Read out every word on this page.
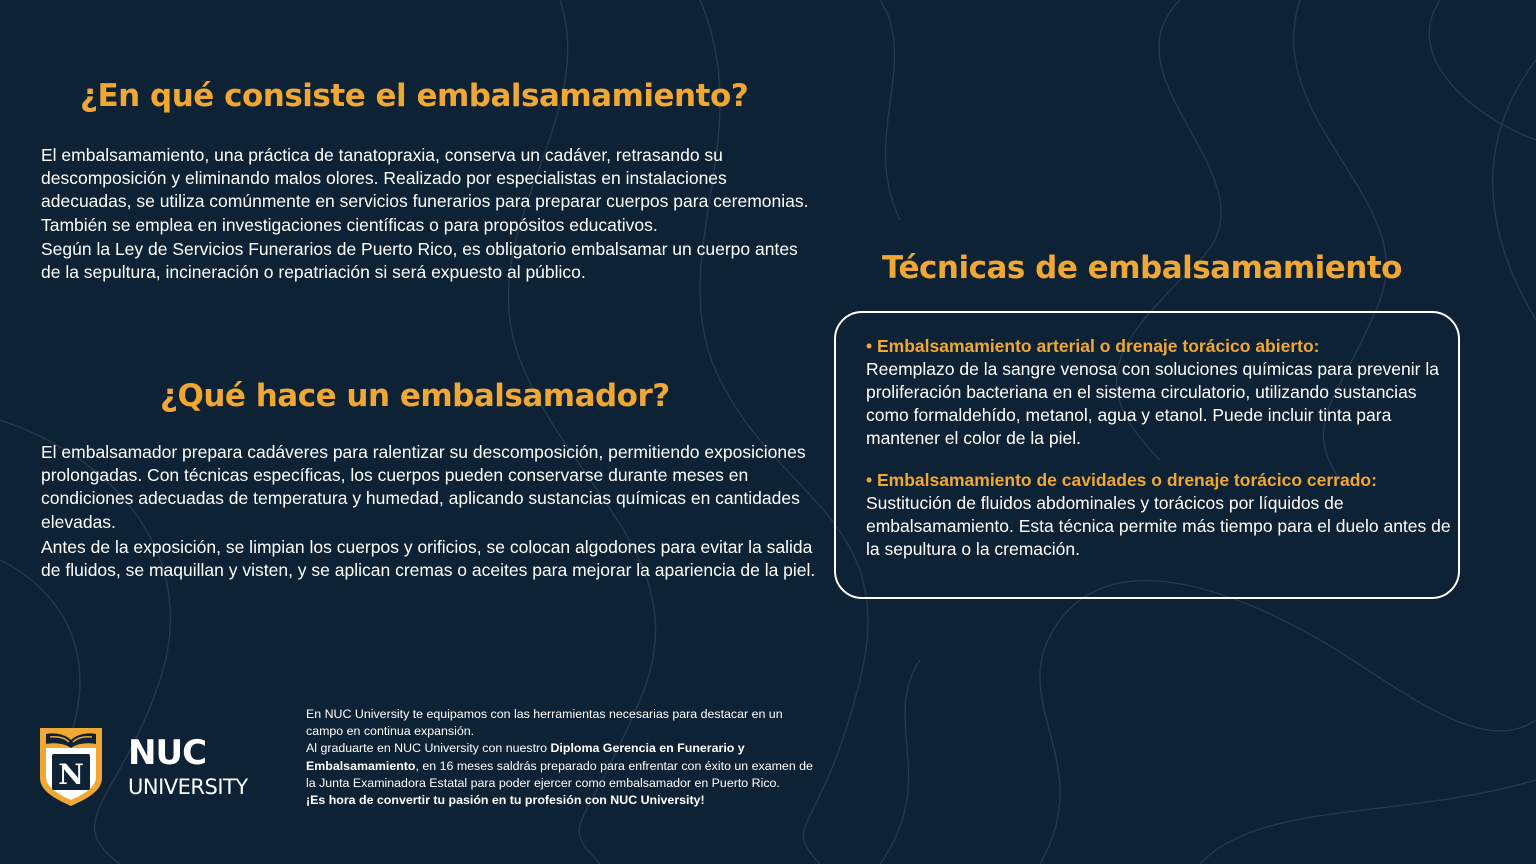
¿En qué consiste el embalsamamiento?

El embalsamamiento, una práctica de tanatopraxia, conserva un cadáver, retrasando su descomposición y eliminando malos olores. Realizado por especialistas en instalaciones adecuadas, se utiliza comúnmente en servicios funerarios para preparar cuerpos para ceremonias. También se emplea en investigaciones científicas o para propósitos educativos.

Según la Ley de Servicios Funerarios de Puerto Rico, es obligatorio embalsamar un cuerpo antes de la sepultura, incineración o repatriación si será expuesto al público.

¿Qué hace un embalsamador?

El embalsamador prepara cadáveres para ralentizar su descomposición, permitiendo exposiciones prolongadas. Con técnicas específicas, los cuerpos pueden conservarse durante meses en condiciones adecuadas de temperatura y humedad, aplicando sustancias químicas en cantidades elevadas.

Antes de la exposición, se limpian los cuerpos y orificios, se colocan algodones para evitar la salida de fluidos, se maquillan y visten, y se aplican cremas o aceites para mejorar la apariencia de la piel.

Técnicas de embalsamamiento
• Embalsamamiento arterial o drenaje torácico abierto:
Reemplazo de la sangre venosa con soluciones químicas para prevenir la proliferación bacteriana en el sistema circulatorio, utilizando sustancias como formaldehído, metanol, agua y etanol. Puede incluir tinta para mantener el color de la piel.
• Embalsamamiento de cavidades o drenaje torácico cerrado:
Sustitución de fluidos abdominales y torácicos por líquidos de embalsamamiento. Esta técnica permite más tiempo para el duelo antes de la sepultura o la cremación.
N
NUC
UNIVERSITY

En NUC University te equipamos con las herramientas necesarias para destacar en un campo en continua expansión.

Al graduarte en NUC University con nuestro Diploma Gerencia en Funerario y Embalsamamiento, en 16 meses saldrás preparado para enfrentar con éxito un examen de la Junta Examinadora Estatal para poder ejercer como embalsamador en Puerto Rico.

¡Es hora de convertir tu pasión en tu profesión con NUC University!
